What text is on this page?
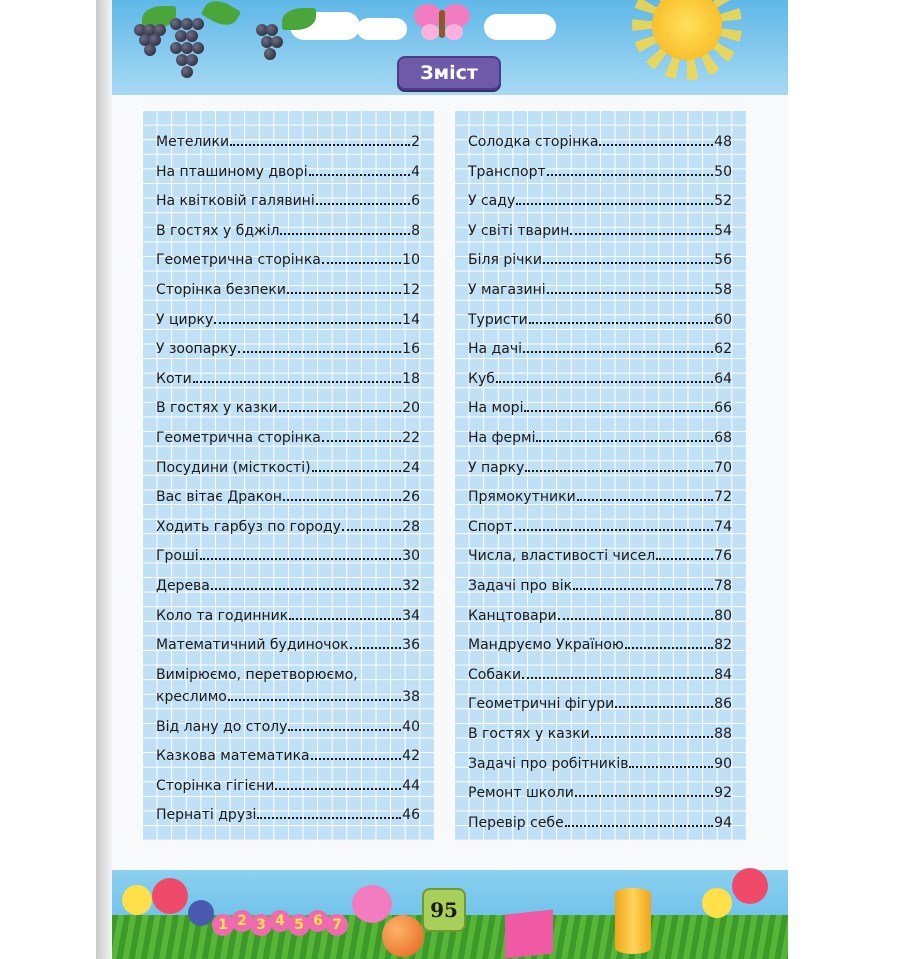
Зміст
Метелики	2
На пташиному дворі	4
На квітковій галявині	6
В гостях у бджіл	8
Геометрична сторінка	10
Сторінка безпеки	12
У цирку	14
У зоопарку	16
Коти	18
В гостях у казки	20
Геометрична сторінка	22
Посудини (місткості)	24
Вас вітає Дракон	26
Ходить гарбуз по городу	28
Гроші	30
Дерева	32
Коло та годинник	34
Математичний будиночок	36
Вимірюємо, перетворюємо,
креслимо	38
Від лану до столу	40
Казкова математика	42
Сторінка гігієни	44
Пернаті друзі	46
Солодка сторінка	48
Транспорт	50
У саду	52
У світі тварин	54
Біля річки	56
У магазині	58
Туристи	60
На дачі	62
Куб	64
На морі	66
На фермі	68
У парку	70
Прямокутники	72
Спорт	74
Числа, властивості чисел	76
Задачі про вік	78
Канцтовари	80
Мандруємо Україною	82
Собаки	84
Геометричні фігури	86
В гостях у казки	88
Задачі про робітників	90
Ремонт школи	92
Перевір себе	94
1 2 3 4 5 6 7
95
